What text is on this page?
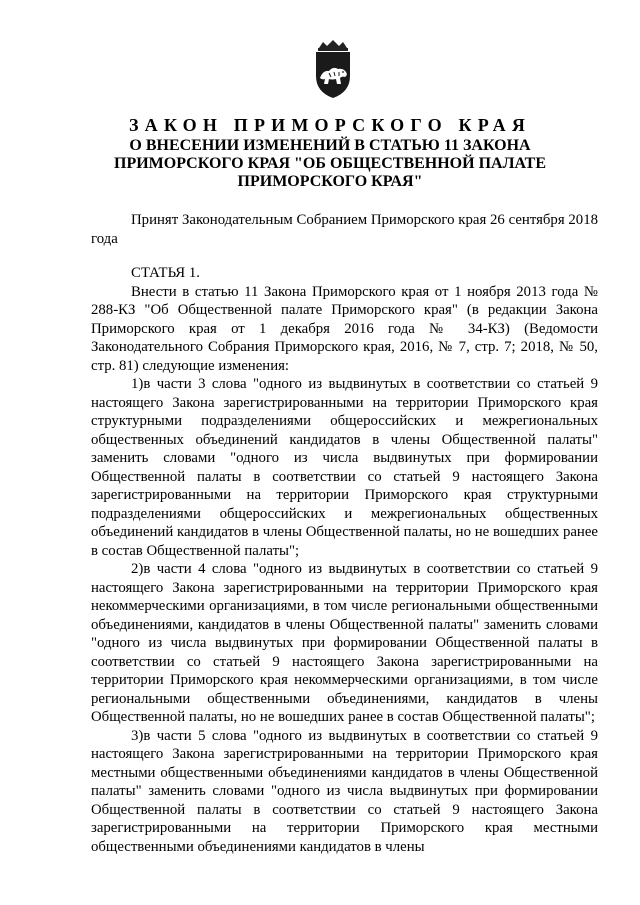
ЗАКОН ПРИМОРСКОГО КРАЯ
О ВНЕСЕНИИ ИЗМЕНЕНИЙ В СТАТЬЮ 11 ЗАКОНА
ПРИМОРСКОГО КРАЯ "ОБ ОБЩЕСТВЕННОЙ ПАЛАТЕ
ПРИМОРСКОГО КРАЯ"

Принят Законодательным Собранием Приморского края 26 сентября 2018 года

СТАТЬЯ 1.

Внести в статью 11 Закона Приморского края от 1 ноября 2013 года № 288-КЗ "Об Общественной палате Приморского края" (в редакции Закона Приморского края от 1 декабря 2016 года № 34-КЗ) (Ведомости Законодательного Собрания Приморского края, 2016, № 7, стр. 7; 2018, № 50, стр. 81) следующие изменения:

1)в части 3 слова "одного из выдвинутых в соответствии со статьей 9 настоящего Закона зарегистрированными на территории Приморского края структурными подразделениями общероссийских и межрегиональных общественных объединений кандидатов в члены Общественной палаты" заменить словами "одного из числа выдвинутых при формировании Общественной палаты в соответствии со статьей 9 настоящего Закона зарегистрированными на территории Приморского края структурными подразделениями общероссийских и межрегиональных общественных объединений кандидатов в члены Общественной палаты, но не вошедших ранее в состав Общественной палаты";

2)в части 4 слова "одного из выдвинутых в соответствии со статьей 9 настоящего Закона зарегистрированными на территории Приморского края некоммерческими организациями, в том числе региональными общественными объединениями, кандидатов в члены Общественной палаты" заменить словами "одного из числа выдвинутых при формировании Общественной палаты в соответствии со статьей 9 настоящего Закона зарегистрированными на территории Приморского края некоммерческими организациями, в том числе региональными общественными объединениями, кандидатов в члены Общественной палаты, но не вошедших ранее в состав Общественной палаты";

3)в части 5 слова "одного из выдвинутых в соответствии со статьей 9 настоящего Закона зарегистрированными на территории Приморского края местными общественными объединениями кандидатов в члены Общественной палаты" заменить словами "одного из числа выдвинутых при формировании Общественной палаты в соответствии со статьей 9 настоящего Закона зарегистрированными на территории Приморского края местными общественными объединениями кандидатов в члены
